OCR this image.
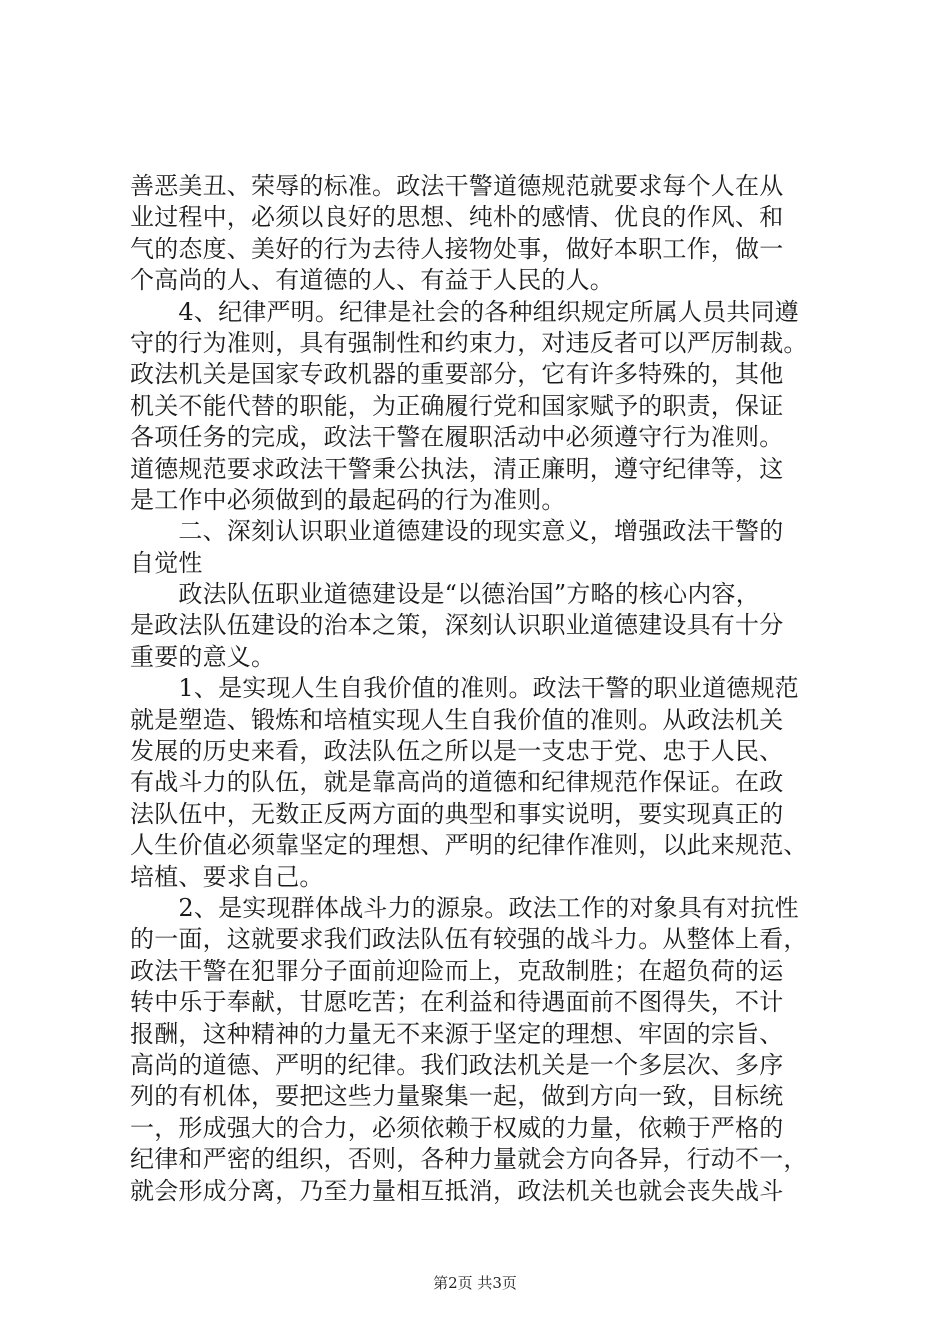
善恶美丑、荣辱的标准。政法干警道德规范就要求每个人在从
业过程中，必须以良好的思想、纯朴的感情、优良的作风、和
气的态度、美好的行为去待人接物处事，做好本职工作，做一
个高尚的人、有道德的人、有益于人民的人。
　　4、纪律严明。纪律是社会的各种组织规定所属人员共同遵
守的行为准则，具有强制性和约束力，对违反者可以严厉制裁。
政法机关是国家专政机器的重要部分，它有许多特殊的，其他
机关不能代替的职能，为正确履行党和国家赋予的职责，保证
各项任务的完成，政法干警在履职活动中必须遵守行为准则。
道德规范要求政法干警秉公执法，清正廉明，遵守纪律等，这
是工作中必须做到的最起码的行为准则。
　　二、深刻认识职业道德建设的现实意义，增强政法干警的
自觉性
　　政法队伍职业道德建设是“以德治国”方略的核心内容，
是政法队伍建设的治本之策，深刻认识职业道德建设具有十分
重要的意义。
　　1、是实现人生自我价值的准则。政法干警的职业道德规范
就是塑造、锻炼和培植实现人生自我价值的准则。从政法机关
发展的历史来看，政法队伍之所以是一支忠于党、忠于人民、
有战斗力的队伍，就是靠高尚的道德和纪律规范作保证。在政
法队伍中，无数正反两方面的典型和事实说明，要实现真正的
人生价值必须靠坚定的理想、严明的纪律作准则，以此来规范、
培植、要求自己。
　　2、是实现群体战斗力的源泉。政法工作的对象具有对抗性
的一面，这就要求我们政法队伍有较强的战斗力。从整体上看，
政法干警在犯罪分子面前迎险而上，克敌制胜；在超负荷的运
转中乐于奉献，甘愿吃苦；在利益和待遇面前不图得失，不计
报酬，这种精神的力量无不来源于坚定的理想、牢固的宗旨、
高尚的道德、严明的纪律。我们政法机关是一个多层次、多序
列的有机体，要把这些力量聚集一起，做到方向一致，目标统
一，形成强大的合力，必须依赖于权威的力量，依赖于严格的
纪律和严密的组织，否则，各种力量就会方向各异，行动不一，
就会形成分离，乃至力量相互抵消，政法机关也就会丧失战斗
第2页 共3页
